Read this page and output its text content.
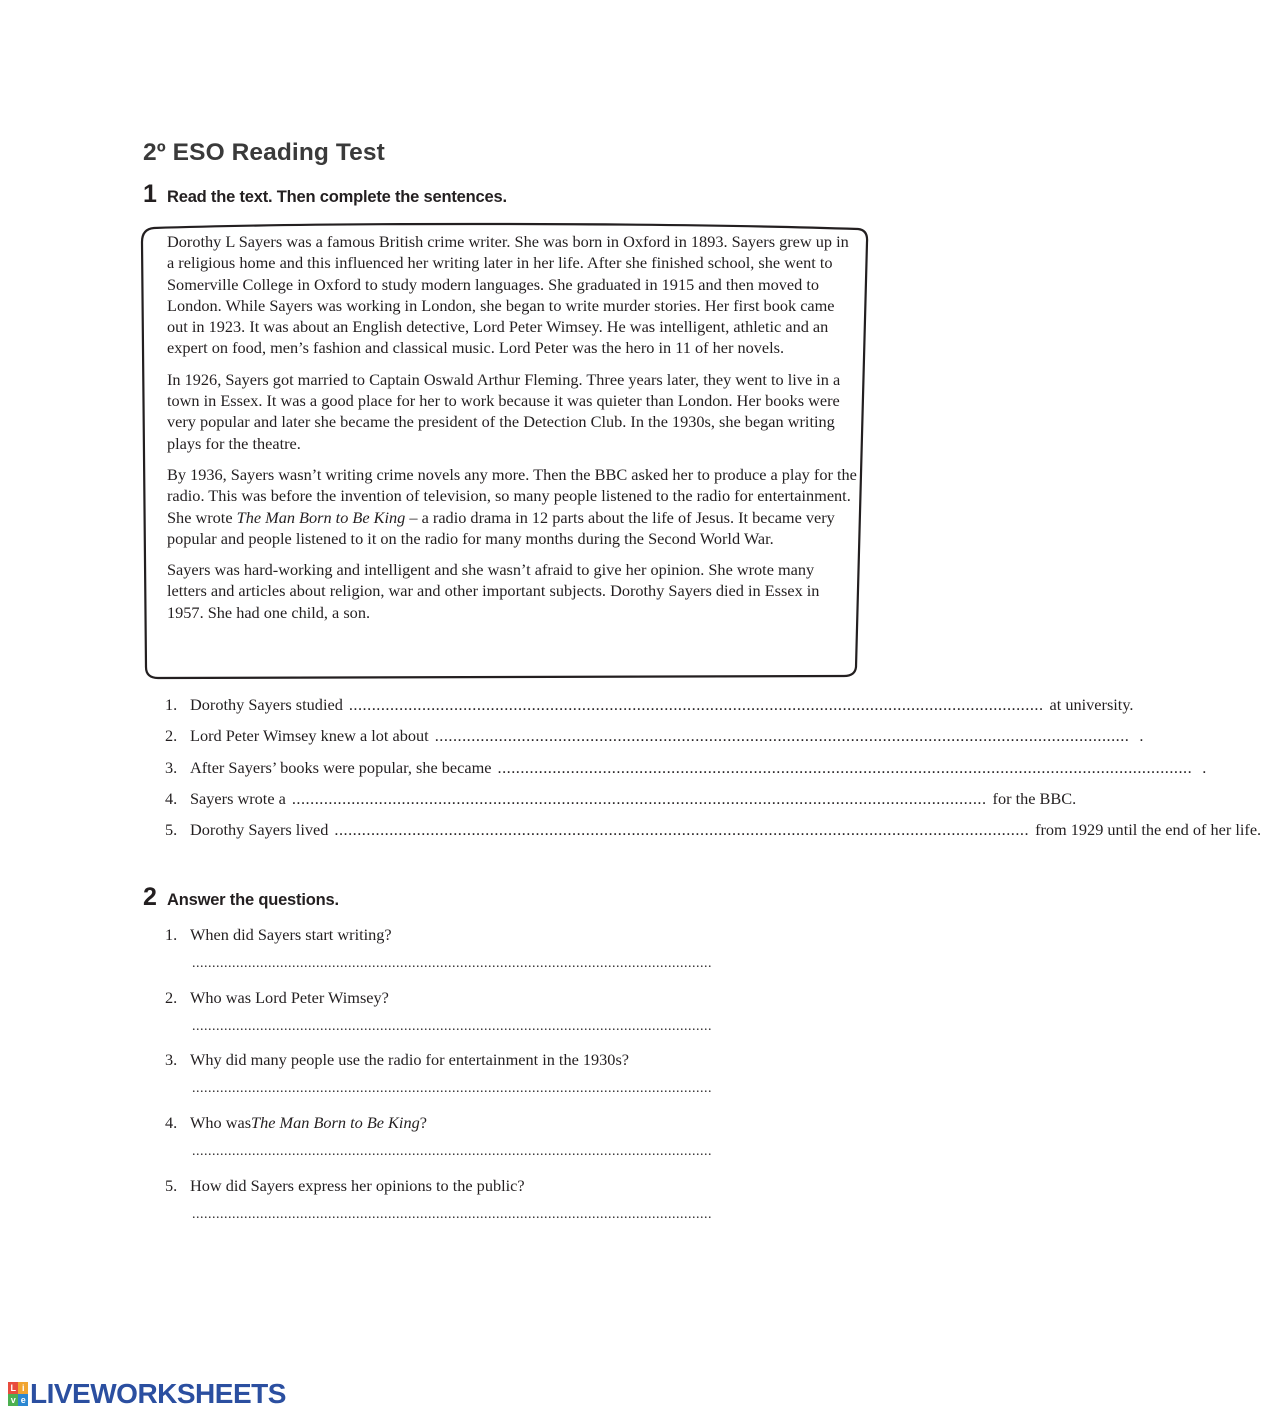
2º ESO Reading Test
1 Read the text. Then complete the sentences.

Dorothy L Sayers was a famous British crime writer. She was born in Oxford in 1893. Sayers grew up in a religious home and this influenced her writing later in her life. After she finished school, she went to Somerville College in Oxford to study modern languages. She graduated in 1915 and then moved to London. While Sayers was working in London, she began to write murder stories. Her first book came out in 1923. It was about an English detective, Lord Peter Wimsey. He was intelligent, athletic and an expert on food, men’s fashion and classical music. Lord Peter was the hero in 11 of her novels.

In 1926, Sayers got married to Captain Oswald Arthur Fleming. Three years later, they went to live in a town in Essex. It was a good place for her to work because it was quieter than London. Her books were very popular and later she became the president of the Detection Club. In the 1930s, she began writing plays for the theatre.

By 1936, Sayers wasn’t writing crime novels any more. Then the BBC asked her to produce a play for the radio. This was before the invention of television, so many people listened to the radio for entertainment. She wrote The Man Born to Be King – a radio drama in 12 parts about the life of Jesus. It became very popular and people listened to it on the radio for many months during the Second World War.

Sayers was hard-working and intelligent and she wasn’t afraid to give her opinion. She wrote many letters and articles about religion, war and other important subjects. Dorothy Sayers died in Essex in 1957. She had one child, a son.

1. Dorothy Sayers studied ........................................................................................................................................................ at university.
2. Lord Peter Wimsey knew a lot about ........................................................................................................................................................ .
3. After Sayers’ books were popular, she became ........................................................................................................................................................ .
4. Sayers wrote a ........................................................................................................................................................ for the BBC.
5. Dorothy Sayers lived ........................................................................................................................................................ from 1929 until the end of her life.
2 Answer the questions.
1. When did Sayers start writing?
..................................................................................................................................
2. Who was Lord Peter Wimsey?
..................................................................................................................................
3. Why did many people use the radio for entertainment in the 1930s?
..................................................................................................................................
4. Who was The Man Born to Be King ?
..................................................................................................................................
5. How did Sayers express her opinions to the public?
..................................................................................................................................
L i
v e LIVEWORKSHEETS
